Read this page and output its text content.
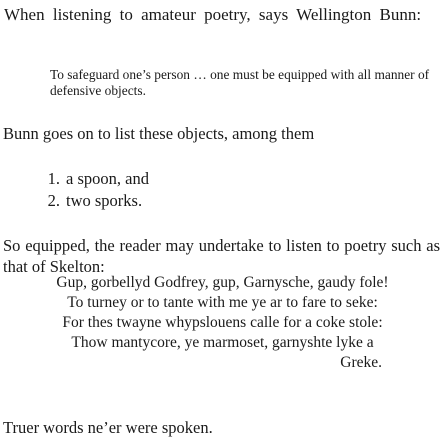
When listening to amateur poetry, says Wellington Bunn:

To safeguard one’s person … one must be equipped with all manner of defensive objects.

Bunn goes on to list these objects, among them

1. a spoon, and
2. two sporks.

So equipped, the reader may undertake to listen to poetry such as that of Skelton:

Gup, gorbellyd Godfrey, gup, Garnysche, gaudy fole!
To turney or to tante with me ye ar to fare to seke:
For thes twayne whypslouens calle for a coke stole:
Thow mantycore, ye marmoset, garnyshte lyke a
Greke.

Truer words ne’er were spoken.
